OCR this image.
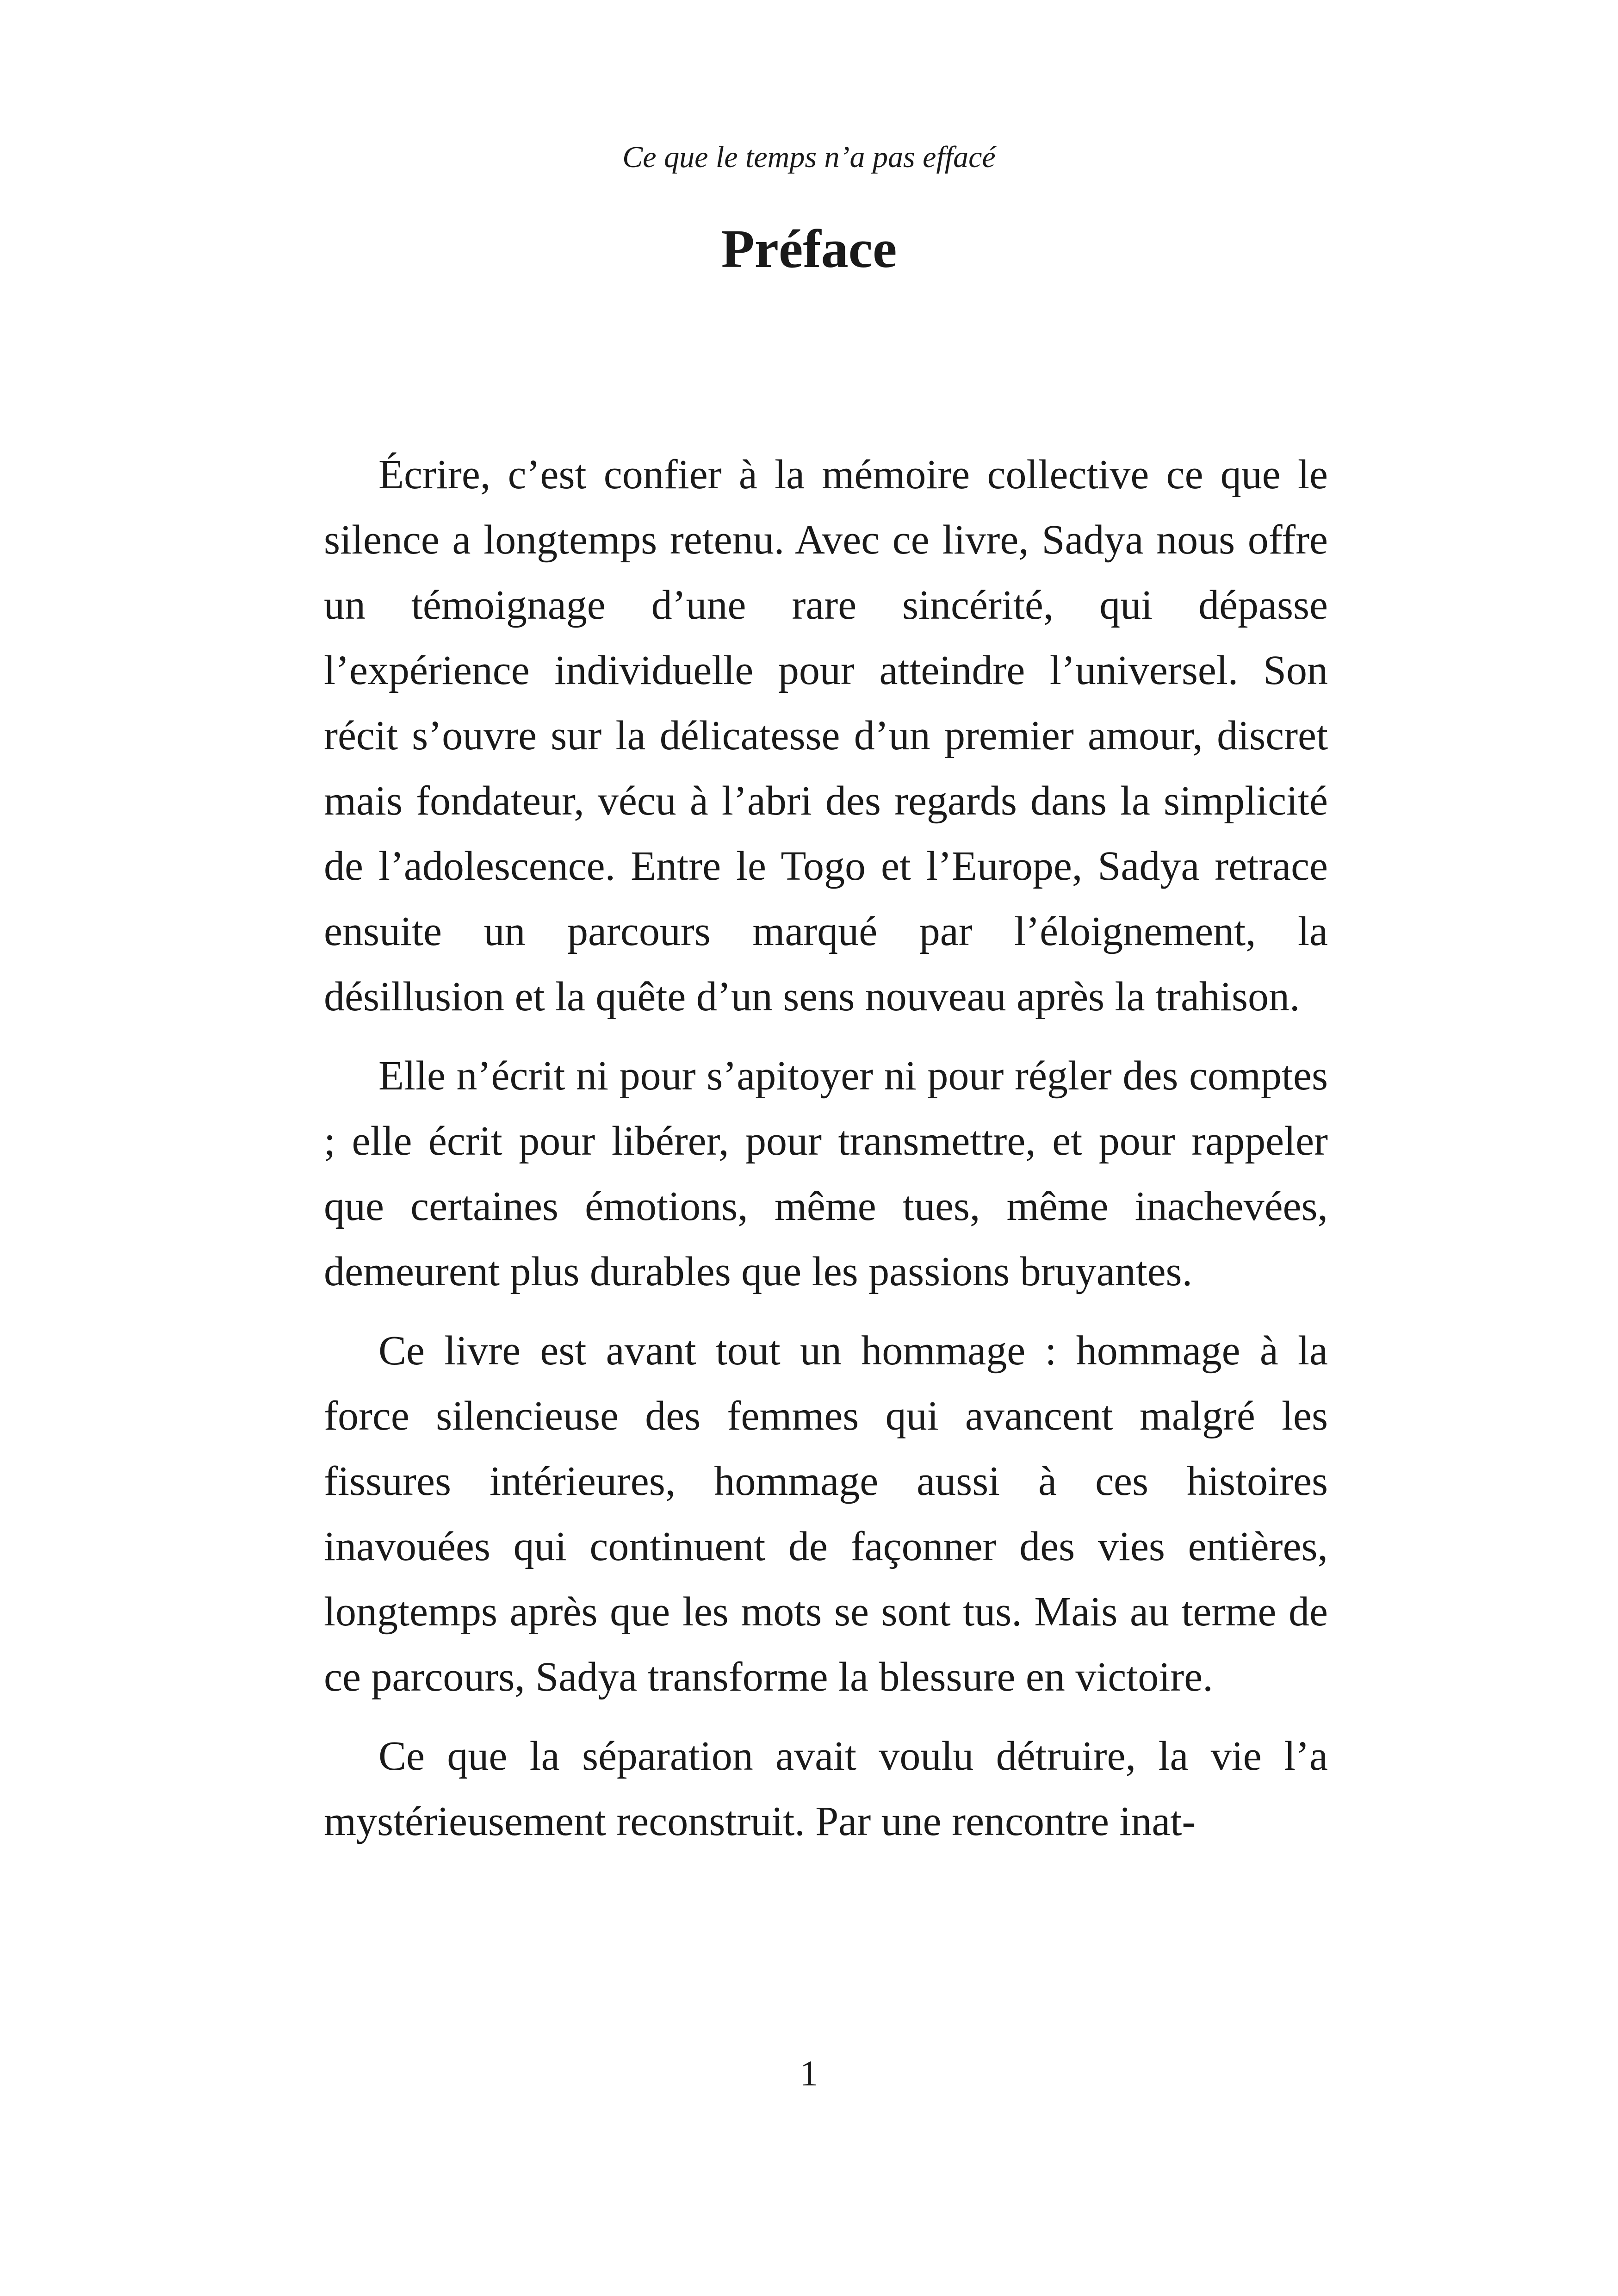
Ce que le temps n’a pas effacé
Préface

Écrire, c’est confier à la mémoire collective ce que le silence a longtemps retenu. Avec ce livre, Sadya nous offre un témoignage d’une rare sincérité, qui dépasse l’expérience individuelle pour atteindre l’universel. Son récit s’ouvre sur la délicatesse d’un premier amour, discret mais fondateur, vécu à l’abri des regards dans la simplicité de l’adolescence. Entre le Togo et l’Europe, Sadya retrace ensuite un parcours marqué par l’éloignement, la désillusion et la quête d’un sens nouveau après la trahison.

Elle n’écrit ni pour s’apitoyer ni pour régler des comptes ; elle écrit pour libérer, pour transmettre, et pour rappeler que certaines émotions, même tues, même inachevées, demeurent plus durables que les passions bruyantes.

Ce livre est avant tout un hommage : hommage à la force silencieuse des femmes qui avancent malgré les fissures intérieures, hommage aussi à ces histoires inavouées qui continuent de façonner des vies entières, longtemps après que les mots se sont tus. Mais au terme de ce parcours, Sadya transforme la blessure en victoire.

Ce que la séparation avait voulu détruire, la vie l’a mystérieusement reconstruit. Par une rencontre inat-

1
